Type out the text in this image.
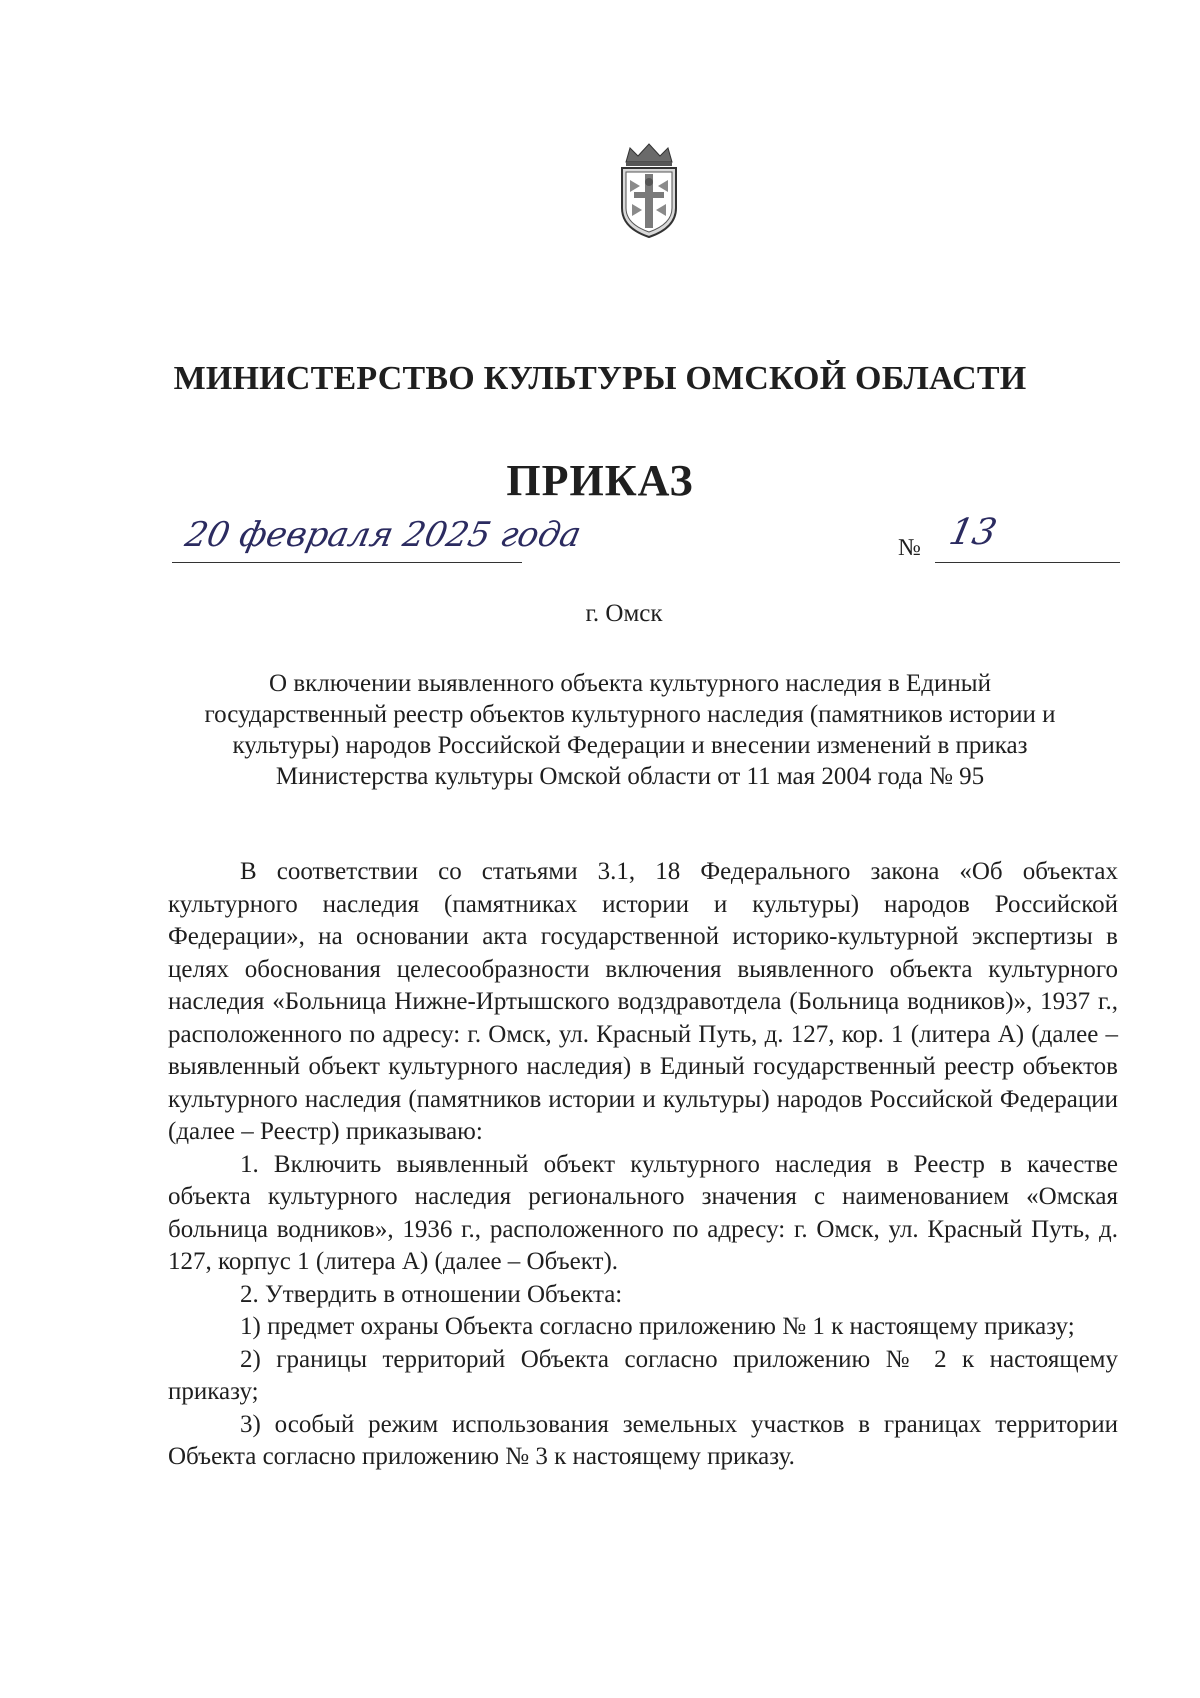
МИНИСТЕРСТВО КУЛЬТУРЫ ОМСКОЙ ОБЛАСТИ
ПРИКАЗ
20 февраля 2025 года	№ 13
г. Омск
О включении выявленного объекта культурного наследия в Единый государственный реестр объектов культурного наследия (памятников истории и культуры) народов Российской Федерации и внесении изменений в приказ Министерства культуры Омской области от 11 мая 2004 года № 95

В соответствии со статьями 3.1, 18 Федерального закона «Об объектах культурного наследия (памятниках истории и культуры) народов Российской Федерации», на основании акта государственной историко-культурной экспертизы в целях обоснования целесообразности включения выявленного объекта культурного наследия «Больница Нижне-Иртышского водздравотдела (Больница водников)», 1937 г., расположенного по адресу: г. Омск, ул. Красный Путь, д. 127, кор. 1 (литера А) (далее – выявленный объект культурного наследия) в Единый государственный реестр объектов культурного наследия (памятников истории и культуры) народов Российской Федерации (далее – Реестр) приказываю:

1. Включить выявленный объект культурного наследия в Реестр в качестве объекта культурного наследия регионального значения с наименованием «Омская больница водников», 1936 г., расположенного по адресу: г. Омск, ул. Красный Путь, д. 127, корпус 1 (литера А) (далее – Объект).

2. Утвердить в отношении Объекта:

1) предмет охраны Объекта согласно приложению № 1 к настоящему приказу;

2) границы территорий Объекта согласно приложению № 2 к настоящему приказу;

3) особый режим использования земельных участков в границах территории Объекта согласно приложению № 3 к настоящему приказу.
